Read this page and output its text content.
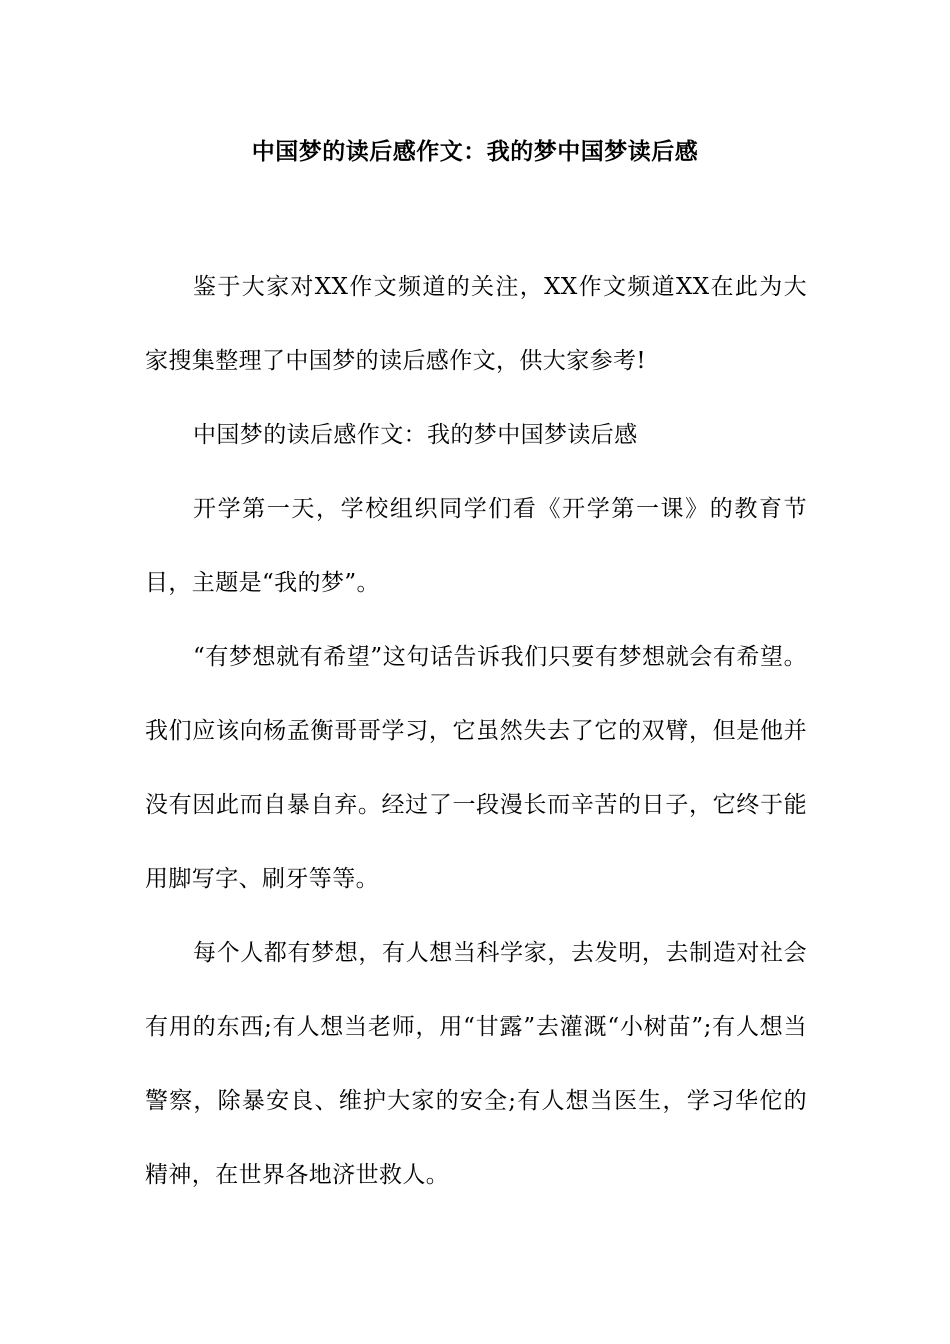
中国梦的读后感作文：我的梦中国梦读后感

鉴于大家对XX作文频道的关注，XX作文频道XX在此为大家搜集整理了中国梦的读后感作文，供大家参考!

中国梦的读后感作文：我的梦中国梦读后感

开学第一天，学校组织同学们看《开学第一课》的教育节目，主题是“我的梦”。

“有梦想就有希望”这句话告诉我们只要有梦想就会有希望。我们应该向杨孟衡哥哥学习，它虽然失去了它的双臂，但是他并没有因此而自暴自弃。经过了一段漫长而辛苦的日子，它终于能用脚写字、刷牙等等。

每个人都有梦想，有人想当科学家，去发明，去制造对社会有用的东西;有人想当老师，用“甘露”去灌溉“小树苗”;有人想当警察，除暴安良、维护大家的安全;有人想当医生，学习华佗的精神，在世界各地济世救人。
